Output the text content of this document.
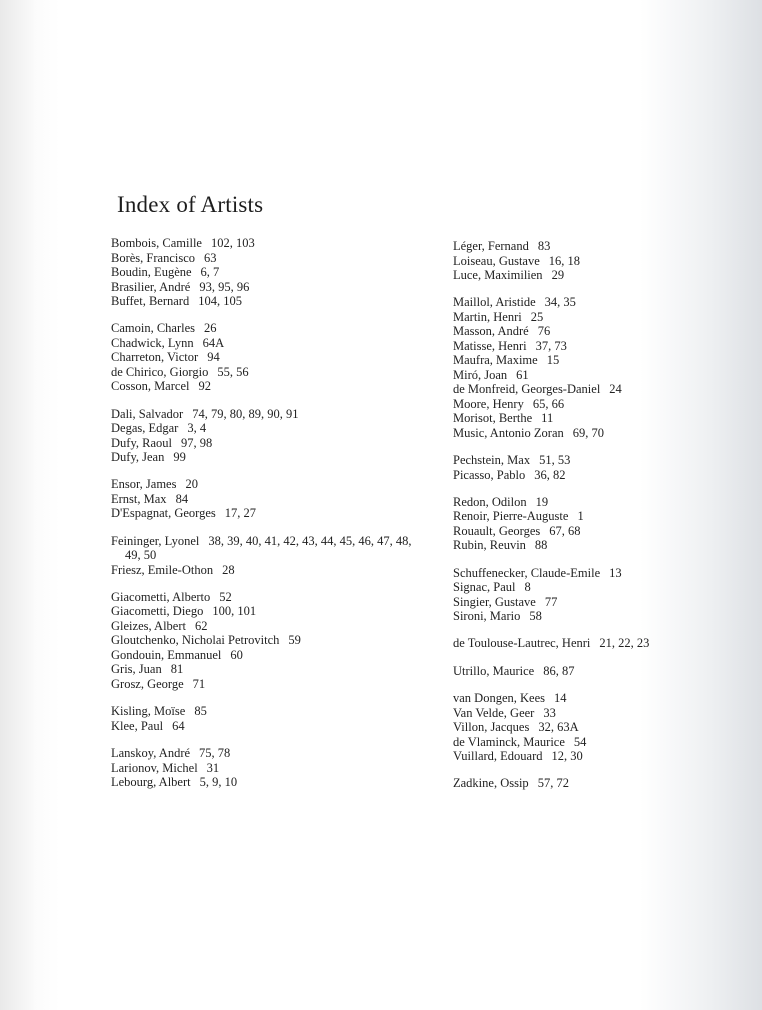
Index of Artists
Bombois, Camille 102, 103
Borès, Francisco 63
Boudin, Eugène 6, 7
Brasilier, André 93, 95, 96
Buffet, Bernard 104, 105
Camoin, Charles 26
Chadwick, Lynn 64A
Charreton, Victor 94
de Chirico, Giorgio 55, 56
Cosson, Marcel 92
Dali, Salvador 74, 79, 80, 89, 90, 91
Degas, Edgar 3, 4
Dufy, Raoul 97, 98
Dufy, Jean 99
Ensor, James 20
Ernst, Max 84
D'Espagnat, Georges 17, 27
Feininger, Lyonel 38, 39, 40, 41, 42, 43, 44, 45, 46, 47, 48, 49, 50
Friesz, Emile-Othon 28
Giacometti, Alberto 52
Giacometti, Diego 100, 101
Gleizes, Albert 62
Gloutchenko, Nicholai Petrovitch 59
Gondouin, Emmanuel 60
Gris, Juan 81
Grosz, George 71
Kisling, Moïse 85
Klee, Paul 64
Lanskoy, André 75, 78
Larionov, Michel 31
Lebourg, Albert 5, 9, 10
Léger, Fernand 83
Loiseau, Gustave 16, 18
Luce, Maximilien 29
Maillol, Aristide 34, 35
Martin, Henri 25
Masson, André 76
Matisse, Henri 37, 73
Maufra, Maxime 15
Miró, Joan 61
de Monfreid, Georges-Daniel 24
Moore, Henry 65, 66
Morisot, Berthe 11
Music, Antonio Zoran 69, 70
Pechstein, Max 51, 53
Picasso, Pablo 36, 82
Redon, Odilon 19
Renoir, Pierre-Auguste 1
Rouault, Georges 67, 68
Rubin, Reuvin 88
Schuffenecker, Claude-Emile 13
Signac, Paul 8
Singier, Gustave 77
Sironi, Mario 58
de Toulouse-Lautrec, Henri 21, 22, 23
Utrillo, Maurice 86, 87
van Dongen, Kees 14
Van Velde, Geer 33
Villon, Jacques 32, 63A
de Vlaminck, Maurice 54
Vuillard, Edouard 12, 30
Zadkine, Ossip 57, 72
